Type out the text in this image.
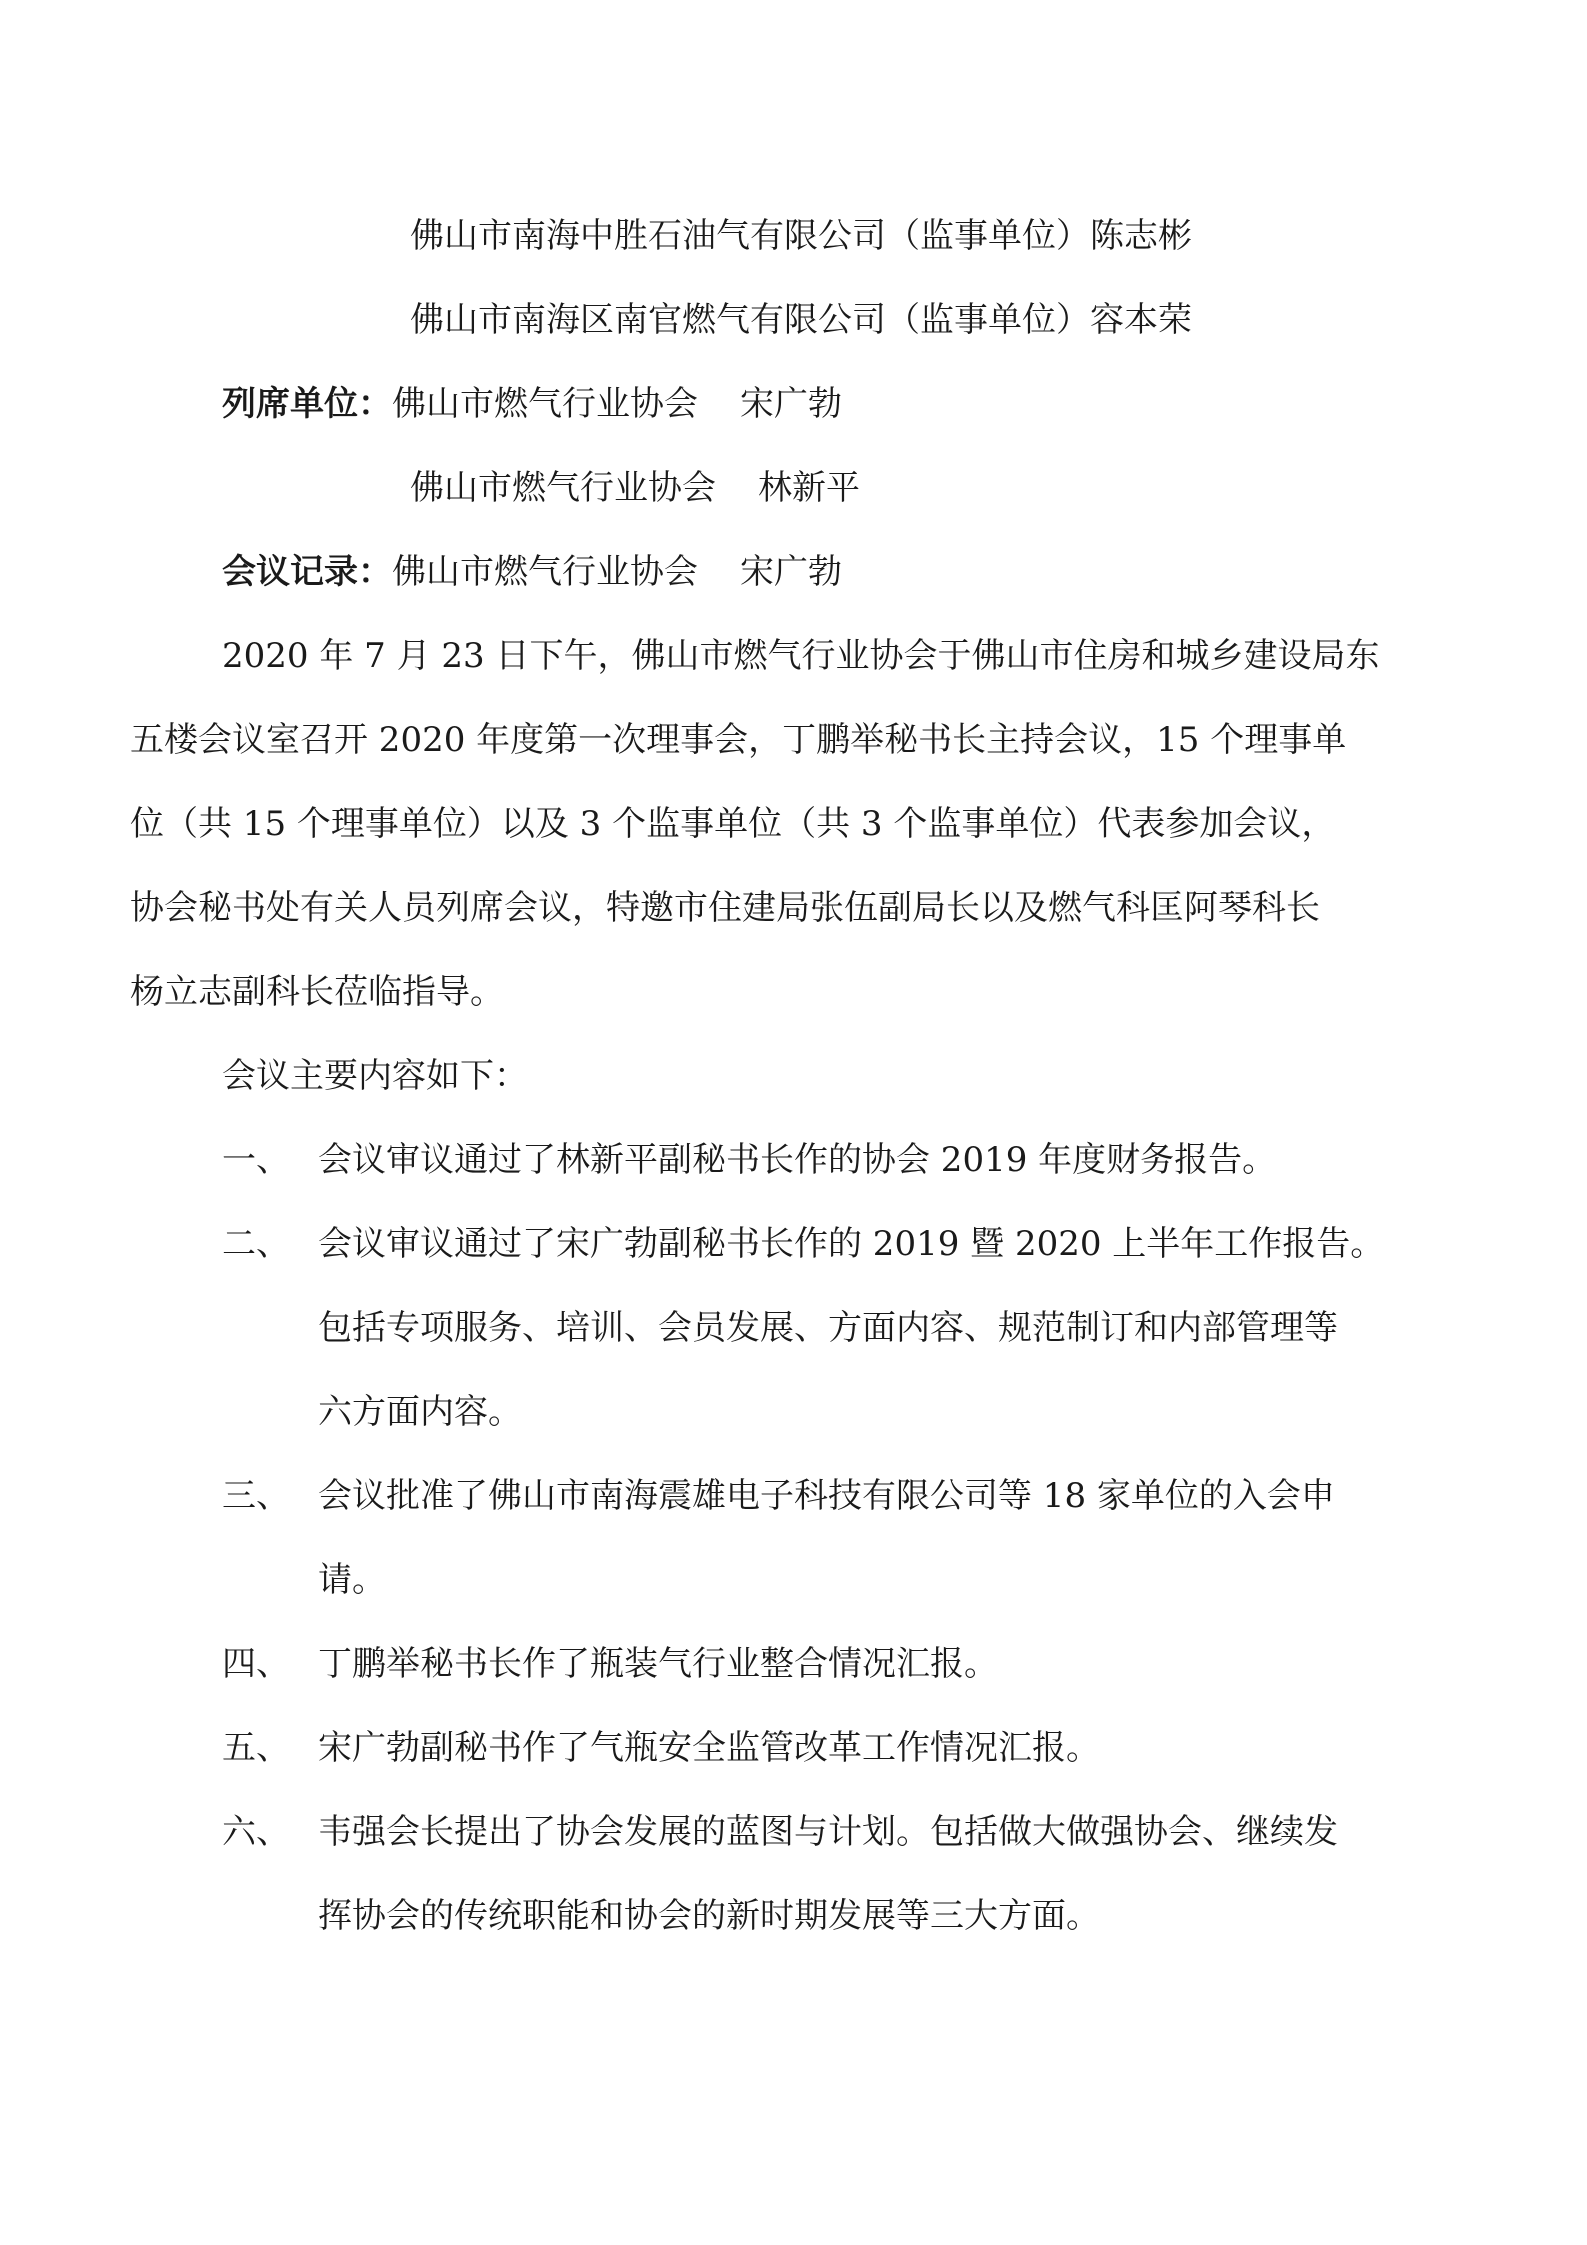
佛山市南海中胜石油气有限公司（监事单位）陈志彬
佛山市南海区南官燃气有限公司（监事单位）容本荣
列席单位：佛山市燃气行业协会 宋广勃
佛山市燃气行业协会 林新平
会议记录：佛山市燃气行业协会 宋广勃
2020 年 7 月 23 日下午，佛山市燃气行业协会于佛山市住房和城乡建设局东
五楼会议室召开 2020 年度第一次理事会，丁鹏举秘书长主持会议，15 个理事单
位（共 15 个理事单位）以及 3 个监事单位（共 3 个监事单位）代表参加会议，
协会秘书处有关人员列席会议，特邀市住建局张伍副局长以及燃气科匡阿琴科长
杨立志副科长莅临指导。
会议主要内容如下：
一、 会议审议通过了林新平副秘书长作的协会 2019 年度财务报告。
二、 会议审议通过了宋广勃副秘书长作的 2019 暨 2020 上半年工作报告。
包括专项服务、培训、会员发展、方面内容、规范制订和内部管理等
六方面内容。
三、 会议批准了佛山市南海震雄电子科技有限公司等 18 家单位的入会申
请。
四、 丁鹏举秘书长作了瓶装气行业整合情况汇报。
五、 宋广勃副秘书作了气瓶安全监管改革工作情况汇报。
六、 韦强会长提出了协会发展的蓝图与计划。包括做大做强协会、继续发
挥协会的传统职能和协会的新时期发展等三大方面。
